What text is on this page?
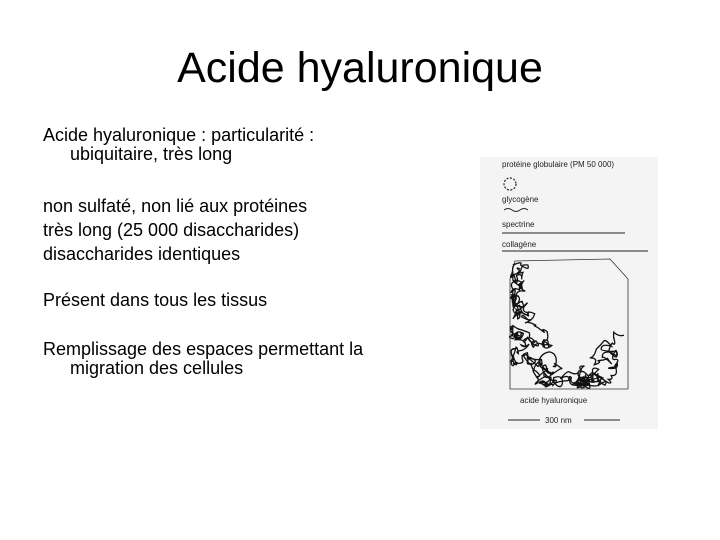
Acide hyaluronique

Acide hyaluronique : particularité :
ubiquitaire, très long

non sulfaté, non lié aux protéines
très long (25 000 disaccharides)
disaccharides identiques

Présent dans tous les tissus

Remplissage des espaces permettant la
migration des cellules

protéine globulaire (PM 50 000)
glycogène
spectrine
collagène
acide hyaluronique
300 nm
